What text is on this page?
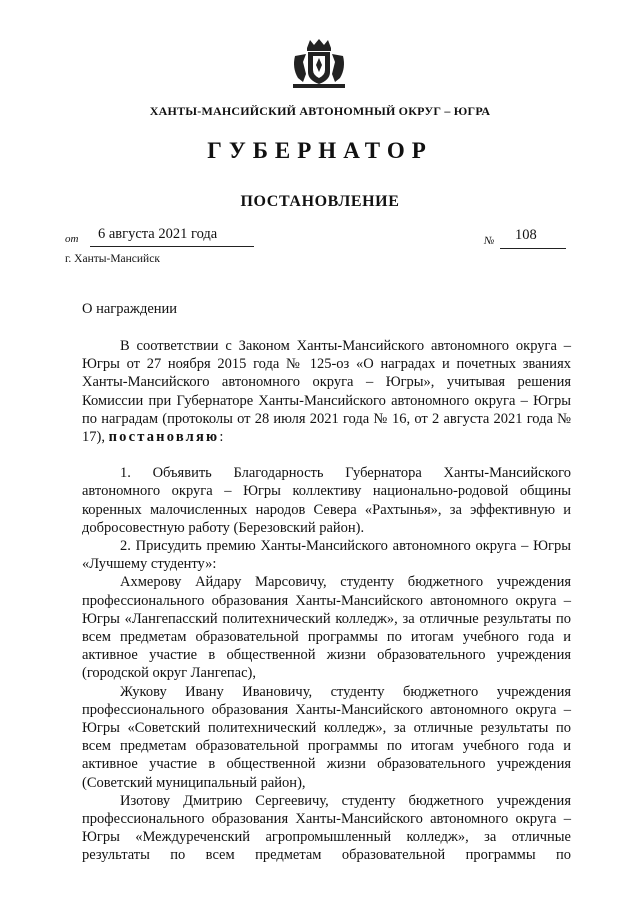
ХАНТЫ-МАНСИЙСКИЙ АВТОНОМНЫЙ ОКРУГ – ЮГРА
ГУБЕРНАТОР
ПОСТАНОВЛЕНИЕ
от 6 августа 2021 года	№ 108
г. Ханты-Мансийск
О награждении

В соответствии с Законом Ханты-Мансийского автономного округа – Югры от 27 ноября 2015 года № 125-оз «О наградах и почетных званиях Ханты-Мансийского автономного округа – Югры», учитывая решения Комиссии при Губернаторе Ханты-Мансийского автономного округа – Югры по наградам (протоколы от 28 июля 2021 года № 16, от 2 августа 2021 года № 17), постановляю:

1. Объявить Благодарность Губернатора Ханты-Мансийского автономного округа – Югры коллективу национально-родовой общины коренных малочисленных народов Севера «Рахтынья», за эффективную и добросовестную работу (Березовский район).

2. Присудить премию Ханты-Мансийского автономного округа – Югры «Лучшему студенту»:

Ахмерову Айдару Марсовичу, студенту бюджетного учреждения профессионального образования Ханты-Мансийского автономного округа – Югры «Лангепасский политехнический колледж», за отличные результаты по всем предметам образовательной программы по итогам учебного года и активное участие в общественной жизни образовательного учреждения (городской округ Лангепас),

Жукову Ивану Ивановичу, студенту бюджетного учреждения профессионального образования Ханты-Мансийского автономного округа – Югры «Советский политехнический колледж», за отличные результаты по всем предметам образовательной программы по итогам учебного года и активное участие в общественной жизни образовательного учреждения (Советский муниципальный район),

Изотову Дмитрию Сергеевичу, студенту бюджетного учреждения профессионального образования Ханты-Мансийского автономного округа – Югры «Междуреченский агропромышленный колледж», за отличные результаты по всем предметам образовательной программы по
